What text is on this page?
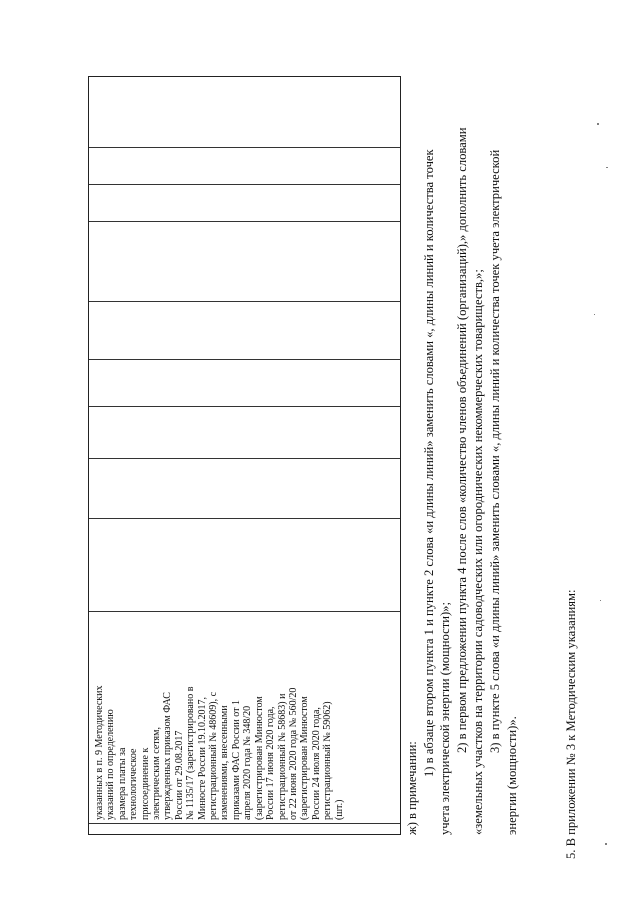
указанных в п. 9 Методических указаний по определению размера платы за технологическое присоединение к электрическим сетям, утвержденных приказом ФАС России от 29.08.2017 № 1135/17 (зарегистрировано в Минюсте России 19.10.2017, регистрационный № 48609), с изменениями, внесенными приказами ФАС России от 1 апреля 2020 года № 348/20 (зарегистрирован Минюстом России 17 июня 2020 года, регистрационный № 58683) и от 22 июня 2020 года № 560/20 (зарегистрирован Минюстом России 24 июля 2020 года, регистрационный № 59062) (шт.)	ж) в примечании:

1) в абзаце втором пункта 1 и пункте 2 слова «и длины линий» заменить словами «, длины линий и количества точек учета электрической энергии (мощности)»; 2) в первом предложении пункта 4 после слов «количество членов объединений (организаций),» дополнить словами «земельных участков на территории садоводческих или огороднических некоммерческих товариществ,»; 3) в пункте 5 слова «и длины линий» заменить словами «, длины линий и количества точек учета электрической

энергии (мощности)».	5. В приложении № 3 к Методическим указаниям:
